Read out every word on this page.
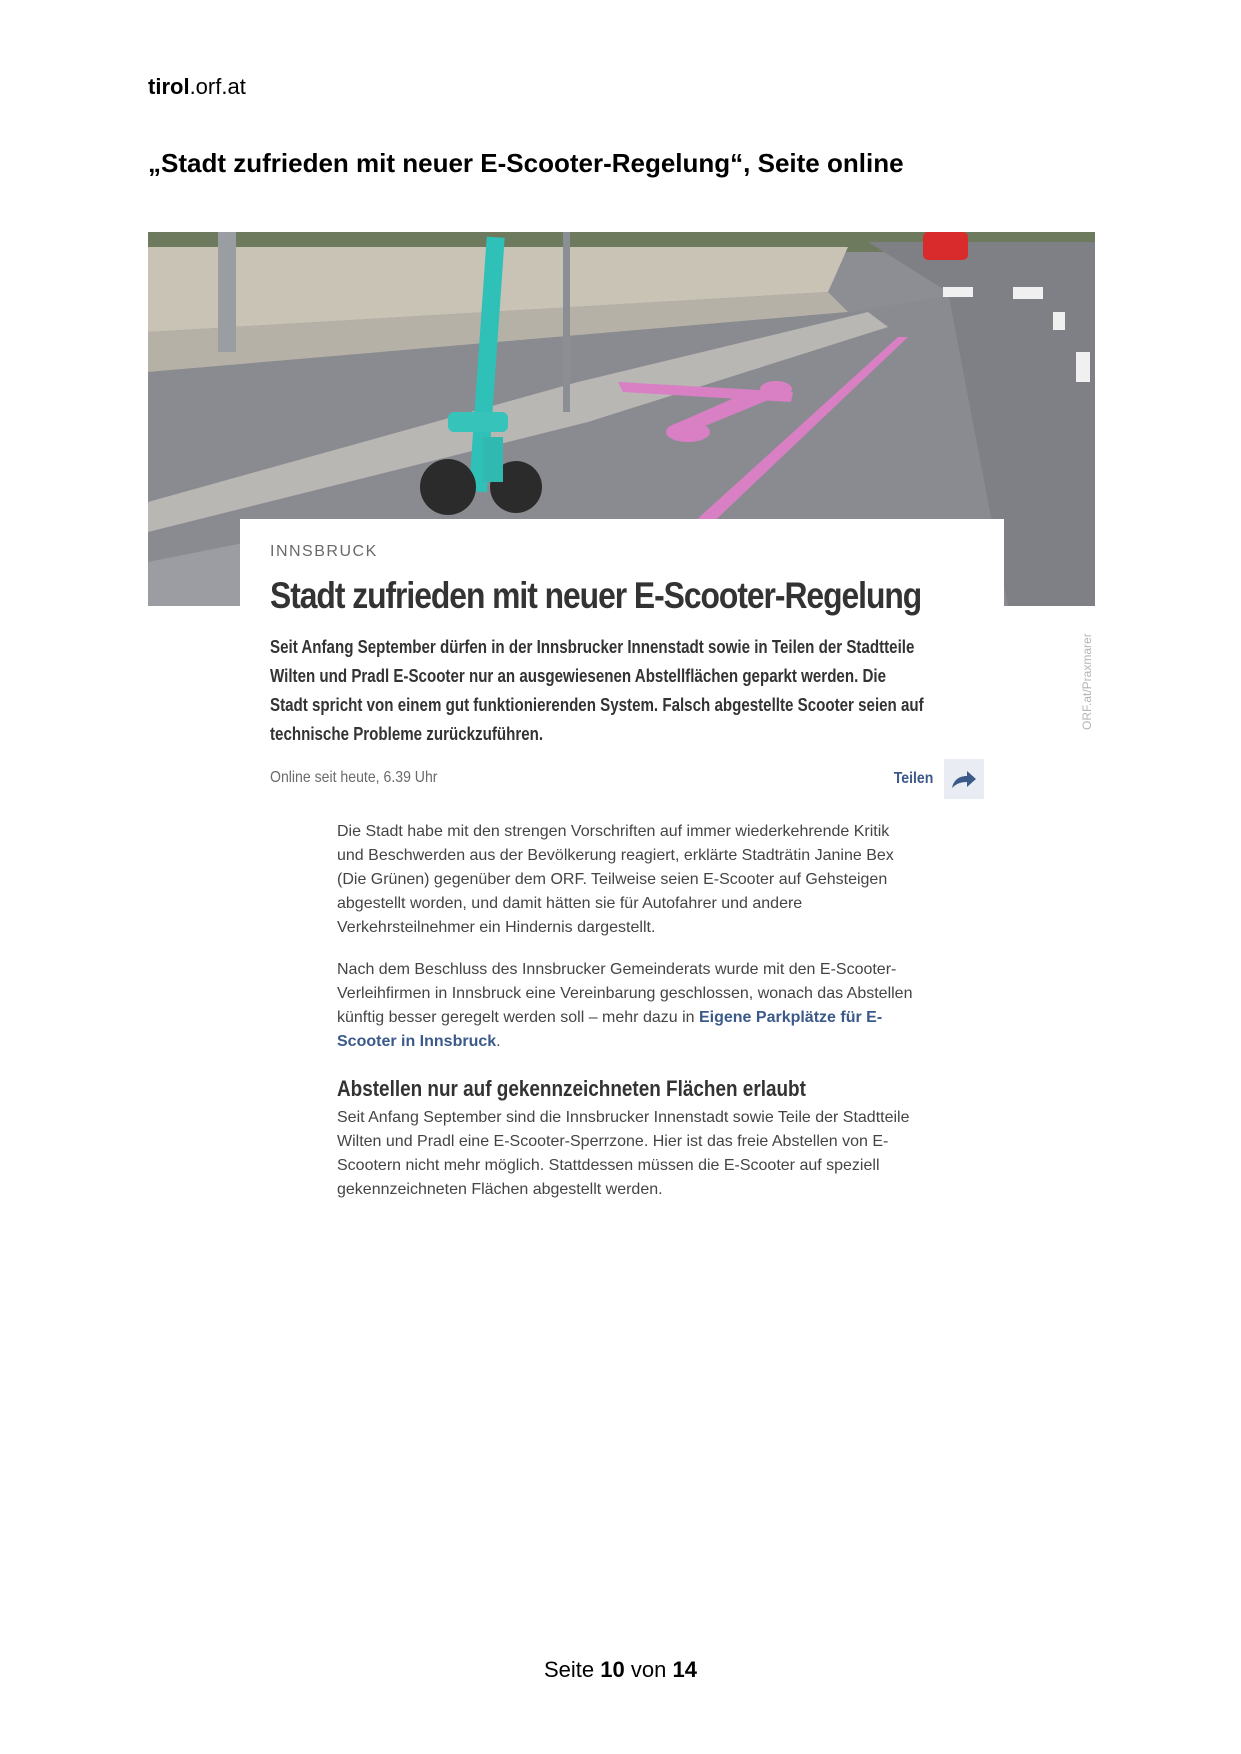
tirol.orf.at
„Stadt zufrieden mit neuer E-Scooter-Regelung“, Seite online
ORF.at/Praxmarer
INNSBRUCK
Stadt zufrieden mit neuer E-Scooter-Regelung

Seit Anfang September dürfen in der Innsbrucker Innenstadt sowie in Teilen der Stadtteile Wilten und Pradl E-Scooter nur an ausgewiesenen Abstellflächen geparkt werden. Die Stadt spricht von einem gut funktionierenden System. Falsch abgestellte Scooter seien auf technische Probleme zurückzuführen.

Online seit heute, 6.39 Uhr	Teilen

Die Stadt habe mit den strengen Vorschriften auf immer wiederkehrende Kritik und Beschwerden aus der Bevölkerung reagiert, erklärte Stadträtin Janine Bex (Die Grünen) gegenüber dem ORF. Teilweise seien E-Scooter auf Gehsteigen abgestellt worden, und damit hätten sie für Autofahrer und andere Verkehrsteilnehmer ein Hindernis dargestellt.

Nach dem Beschluss des Innsbrucker Gemeinderats wurde mit den E-Scooter-Verleihfirmen in Innsbruck eine Vereinbarung geschlossen, wonach das Abstellen künftig besser geregelt werden soll – mehr dazu in Eigene Parkplätze für E-Scooter in Innsbruck.

Abstellen nur auf gekennzeichneten Flächen erlaubt

Seit Anfang September sind die Innsbrucker Innenstadt sowie Teile der Stadtteile Wilten und Pradl eine E-Scooter-Sperrzone. Hier ist das freie Abstellen von E-Scootern nicht mehr möglich. Stattdessen müssen die E-Scooter auf speziell gekennzeichneten Flächen abgestellt werden.

Seite 10 von 14
